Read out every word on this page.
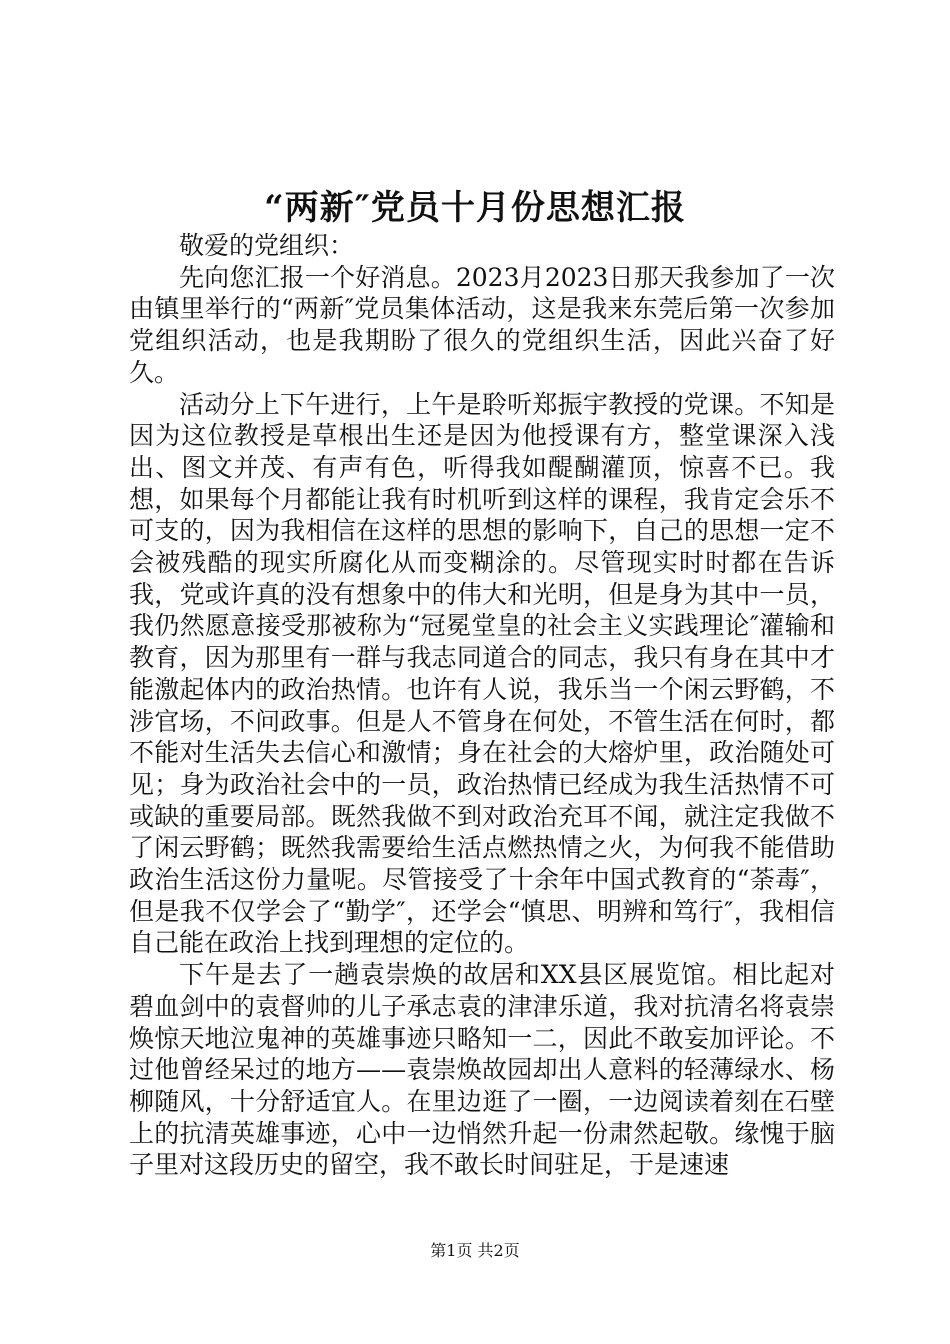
“两新″党员十月份思想汇报

敬爱的党组织：

先向您汇报一个好消息。2023月2023日那天我参加了一次由镇里举行的“两新″党员集体活动，这是我来东莞后第一次参加党组织活动，也是我期盼了很久的党组织生活，因此兴奋了好久。

活动分上下午进行，上午是聆听郑振宇教授的党课。不知是因为这位教授是草根出生还是因为他授课有方，整堂课深入浅出、图文并茂、有声有色，听得我如醍醐灌顶，惊喜不已。我想，如果每个月都能让我有时机听到这样的课程，我肯定会乐不可支的，因为我相信在这样的思想的影响下，自己的思想一定不会被残酷的现实所腐化从而变糊涂的。尽管现实时时都在告诉我，党或许真的没有想象中的伟大和光明，但是身为其中一员，我仍然愿意接受那被称为“冠冕堂皇的社会主义实践理论″灌输和教育，因为那里有一群与我志同道合的同志，我只有身在其中才能激起体内的政治热情。也许有人说，我乐当一个闲云野鹤，不涉官场，不问政事。但是人不管身在何处，不管生活在何时，都不能对生活失去信心和激情；身在社会的大熔炉里，政治随处可见；身为政治社会中的一员，政治热情已经成为我生活热情不可或缺的重要局部。既然我做不到对政治充耳不闻，就注定我做不了闲云野鹤；既然我需要给生活点燃热情之火，为何我不能借助政治生活这份力量呢。尽管接受了十余年中国式教育的“荼毒″，但是我不仅学会了“勤学″，还学会“慎思、明辨和笃行″，我相信自己能在政治上找到理想的定位的。

下午是去了一趟袁崇焕的故居和XX县区展览馆。相比起对碧血剑中的袁督帅的儿子承志袁的津津乐道，我对抗清名将袁崇焕惊天地泣鬼神的英雄事迹只略知一二，因此不敢妄加评论。不过他曾经呆过的地方——袁崇焕故园却出人意料的轻薄绿水、杨柳随风，十分舒适宜人。在里边逛了一圈，一边阅读着刻在石壁上的抗清英雄事迹，心中一边悄然升起一份肃然起敬。缘愧于脑子里对这段历史的留空，我不敢长时间驻足，于是速速

第1页 共2页
